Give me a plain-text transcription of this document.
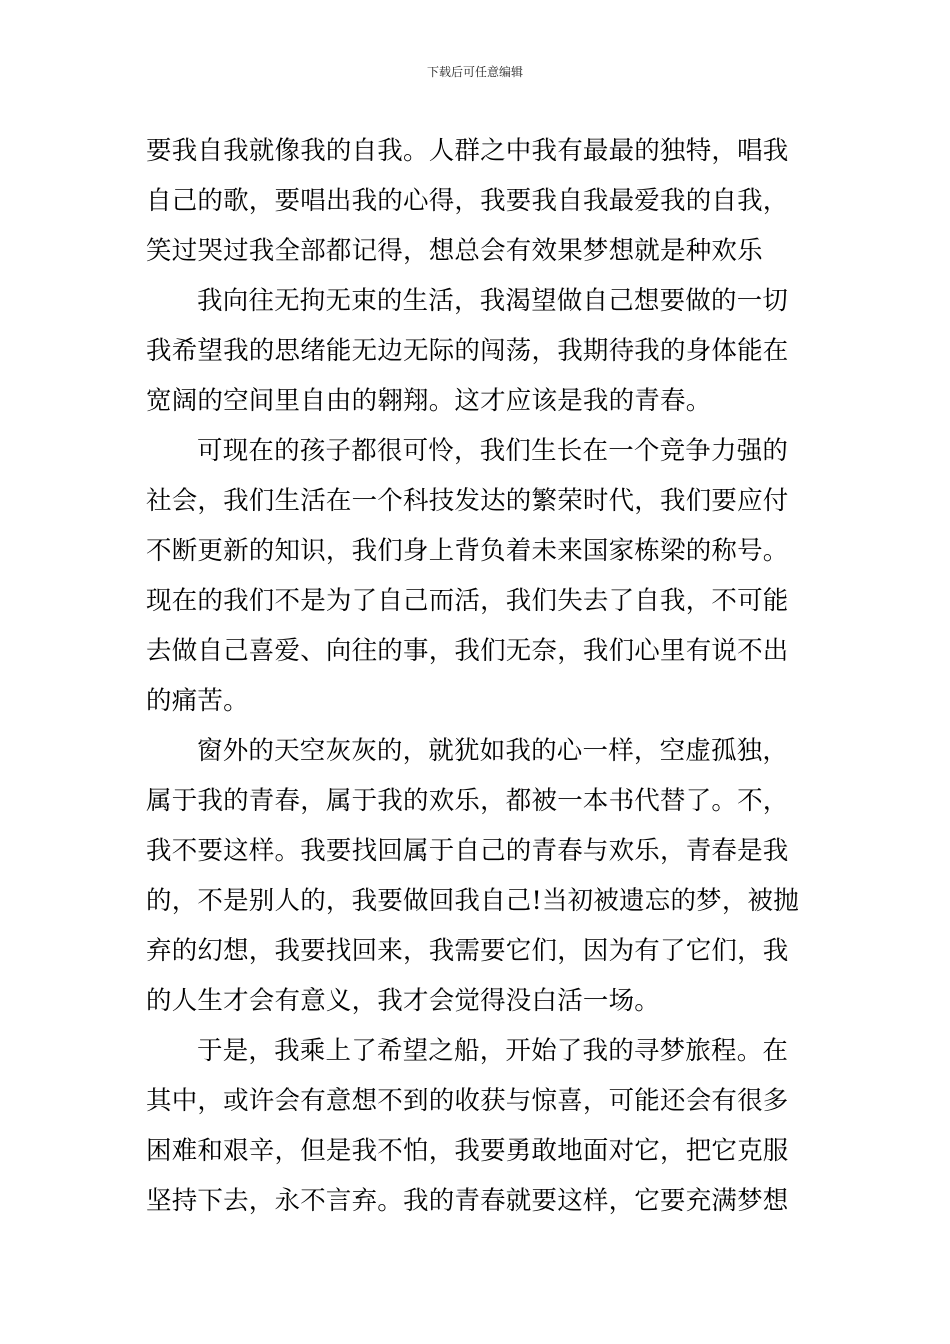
下载后可任意编辑
要我自我就像我的自我。人群之中我有最最的独特，唱我
自己的歌，要唱出我的心得，我要我自我最爱我的自我，
笑过哭过我全部都记得，想总会有效果梦想就是种欢乐
我向往无拘无束的生活，我渴望做自己想要做的一切
我希望我的思绪能无边无际的闯荡，我期待我的身体能在
宽阔的空间里自由的翱翔。这才应该是我的青春。
可现在的孩子都很可怜，我们生长在一个竞争力强的
社会，我们生活在一个科技发达的繁荣时代，我们要应付
不断更新的知识，我们身上背负着未来国家栋梁的称号。
现在的我们不是为了自己而活，我们失去了自我，不可能
去做自己喜爱、向往的事，我们无奈，我们心里有说不出
的痛苦。
窗外的天空灰灰的，就犹如我的心一样，空虚孤独，
属于我的青春，属于我的欢乐，都被一本书代替了。不，
我不要这样。我要找回属于自己的青春与欢乐，青春是我
的，不是别人的，我要做回我自己!当初被遗忘的梦，被抛
弃的幻想，我要找回来，我需要它们，因为有了它们，我
的人生才会有意义，我才会觉得没白活一场。
于是，我乘上了希望之船，开始了我的寻梦旅程。在
其中，或许会有意想不到的收获与惊喜，可能还会有很多
困难和艰辛，但是我不怕，我要勇敢地面对它，把它克服
坚持下去，永不言弃。我的青春就要这样，它要充满梦想
